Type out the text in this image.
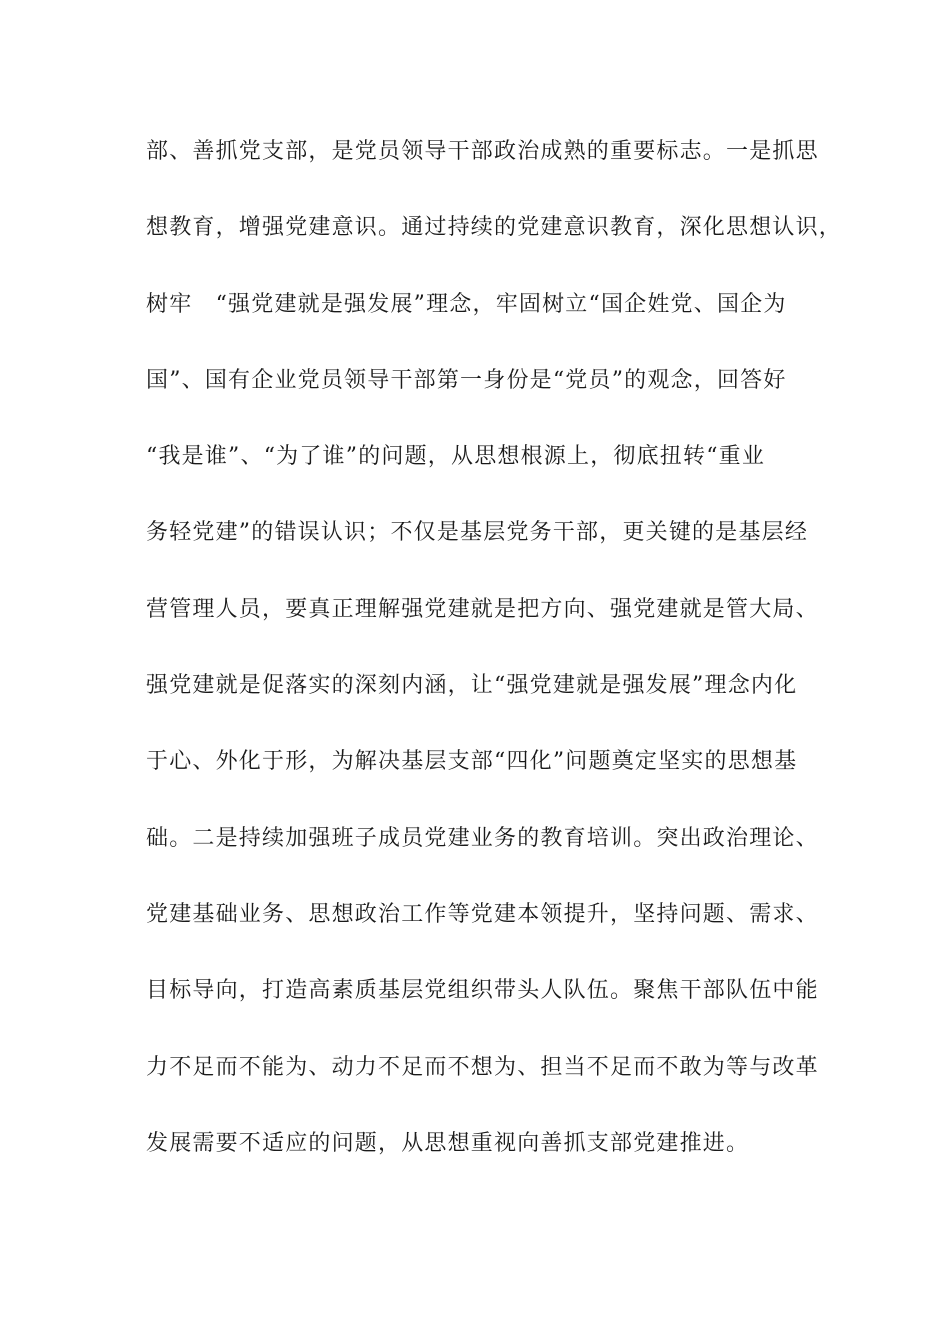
部、善抓党支部，是党员领导干部政治成熟的重要标志。一是抓思
想教育，增强党建意识。通过持续的党建意识教育，深化思想认识，
树牢　“强党建就是强发展”理念，牢固树立“国企姓党、国企为
国”、国有企业党员领导干部第一身份是“党员”的观念，回答好
“我是谁”、“为了谁”的问题，从思想根源上，彻底扭转“重业
务轻党建”的错误认识；不仅是基层党务干部，更关键的是基层经
营管理人员，要真正理解强党建就是把方向、强党建就是管大局、
强党建就是促落实的深刻内涵，让“强党建就是强发展”理念内化
于心、外化于形，为解决基层支部“四化”问题奠定坚实的思想基
础。二是持续加强班子成员党建业务的教育培训。突出政治理论、
党建基础业务、思想政治工作等党建本领提升，坚持问题、需求、
目标导向，打造高素质基层党组织带头人队伍。聚焦干部队伍中能
力不足而不能为、动力不足而不想为、担当不足而不敢为等与改革
发展需要不适应的问题，从思想重视向善抓支部党建推进。
